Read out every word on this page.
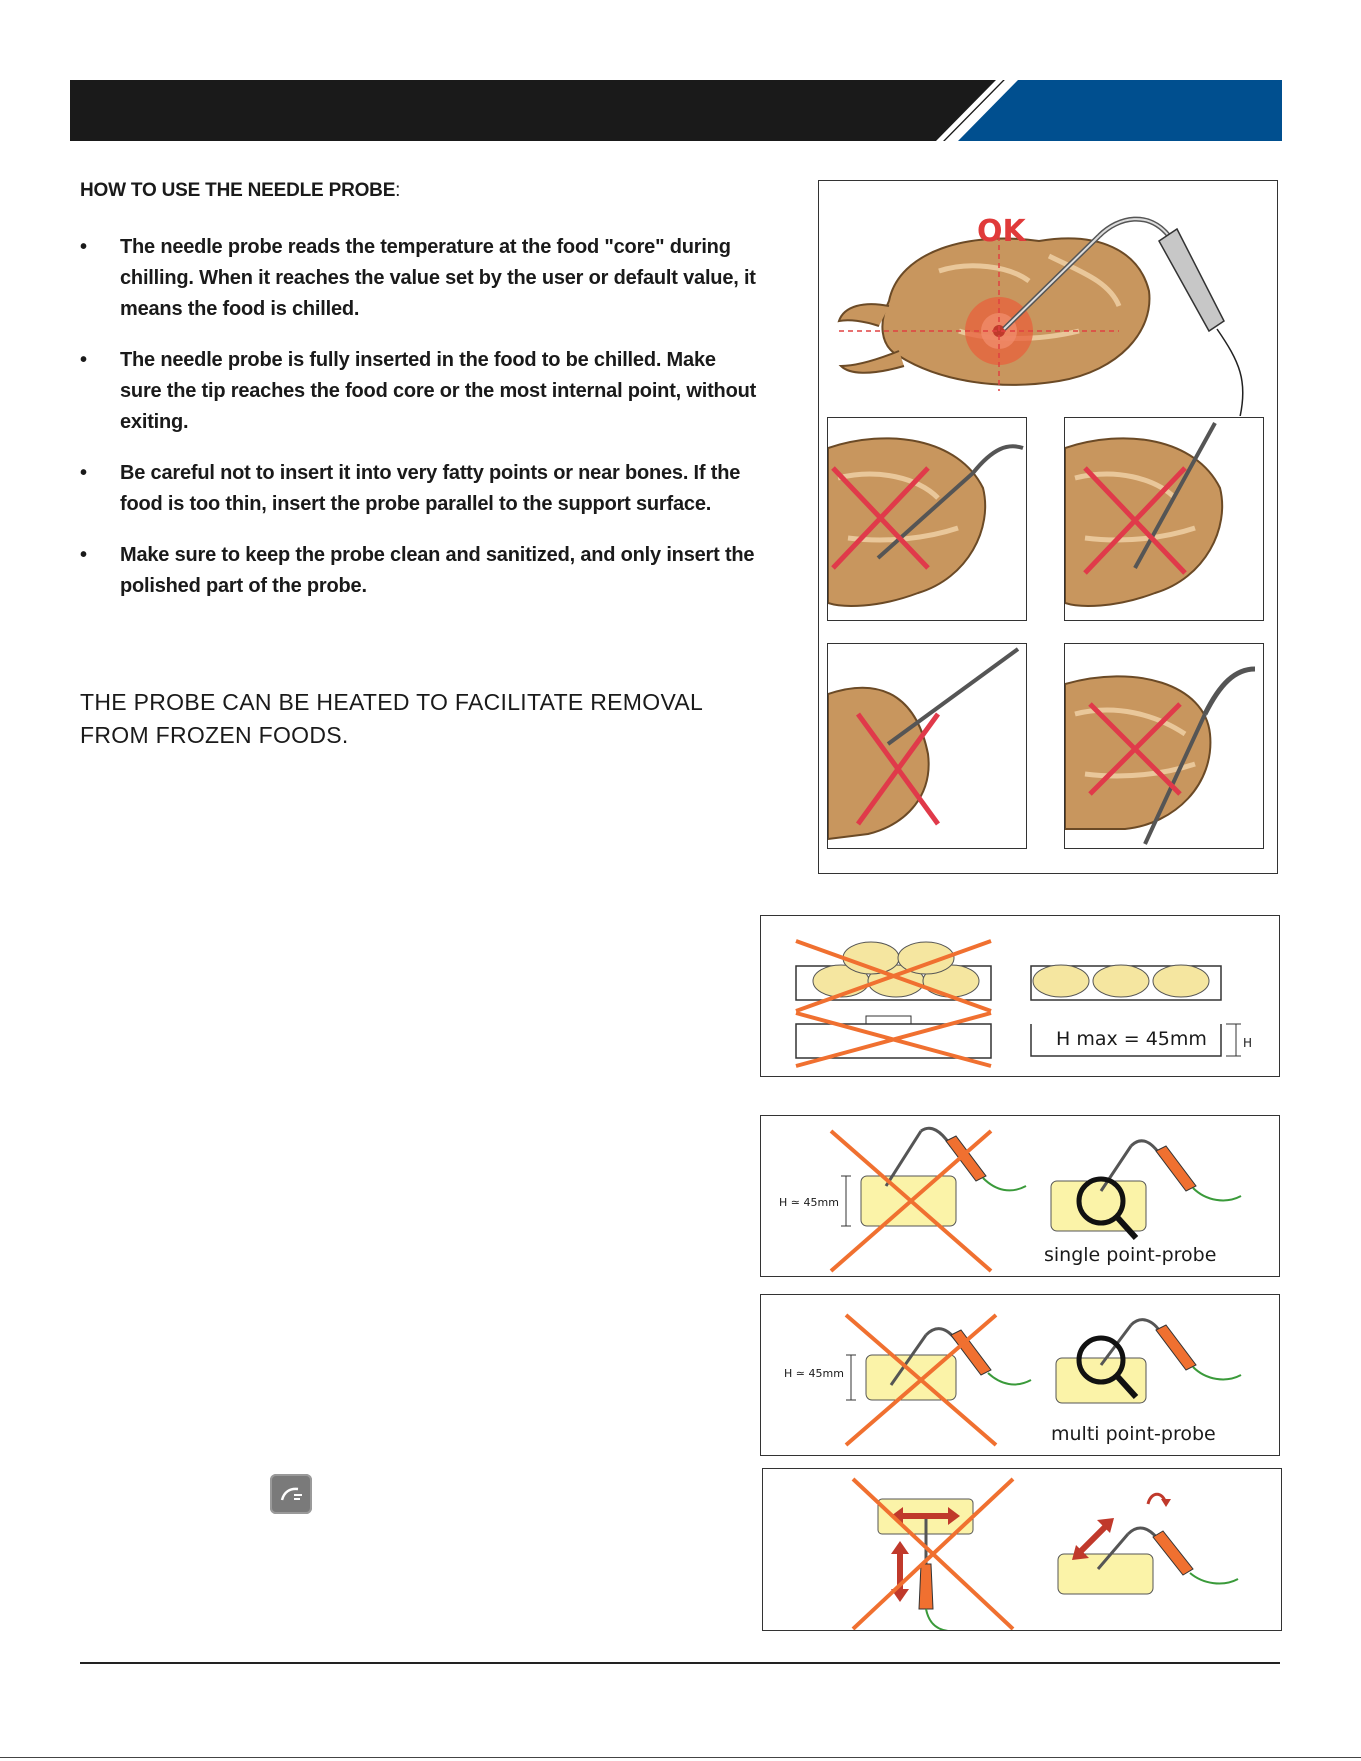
HOW TO USE THE NEEDLE PROBE:
• The needle probe reads the temperature at the food "core" during chilling. When it reaches the value set by the user or default value, it means the food is chilled.
• The needle probe is fully inserted in the food to be chilled. Make sure the tip reaches the food core or the most internal point, without exiting.
• Be careful not to insert it into very fatty points or near bones. If the food is too thin, insert the probe parallel to the support surface.
• Make sure to keep the probe clean and sanitized, and only insert the polished part of the probe.
THE PROBE CAN BE HEATED TO FACILITATE REMOVAL FROM FROZEN FOODS.
OK
H max = 45mm	H
H ≃ 45mm
single point-probe
H ≃ 45mm
multi point-probe
